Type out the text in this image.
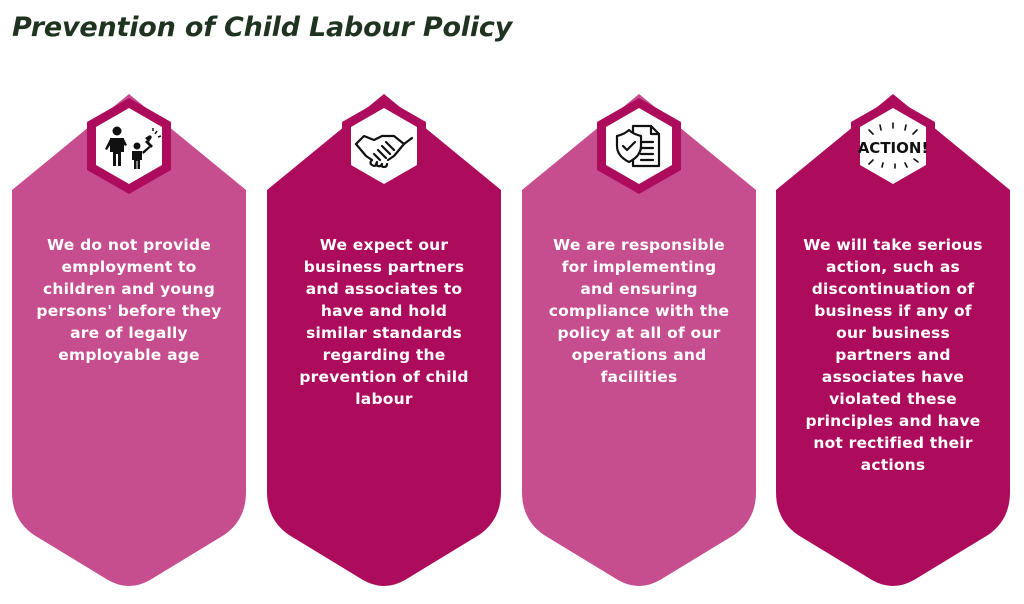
Prevention of Child Labour Policy

We do not provide employment to children and young persons' before they are of legally employable age

We expect our business partners and associates to have and hold similar standards regarding the prevention of child labour

We are responsible for implementing and ensuring compliance with the policy at all of our operations and facilities

ACTION!

We will take serious action, such as discontinuation of business if any of our business partners and associates have violated these principles and have not rectified their actions
